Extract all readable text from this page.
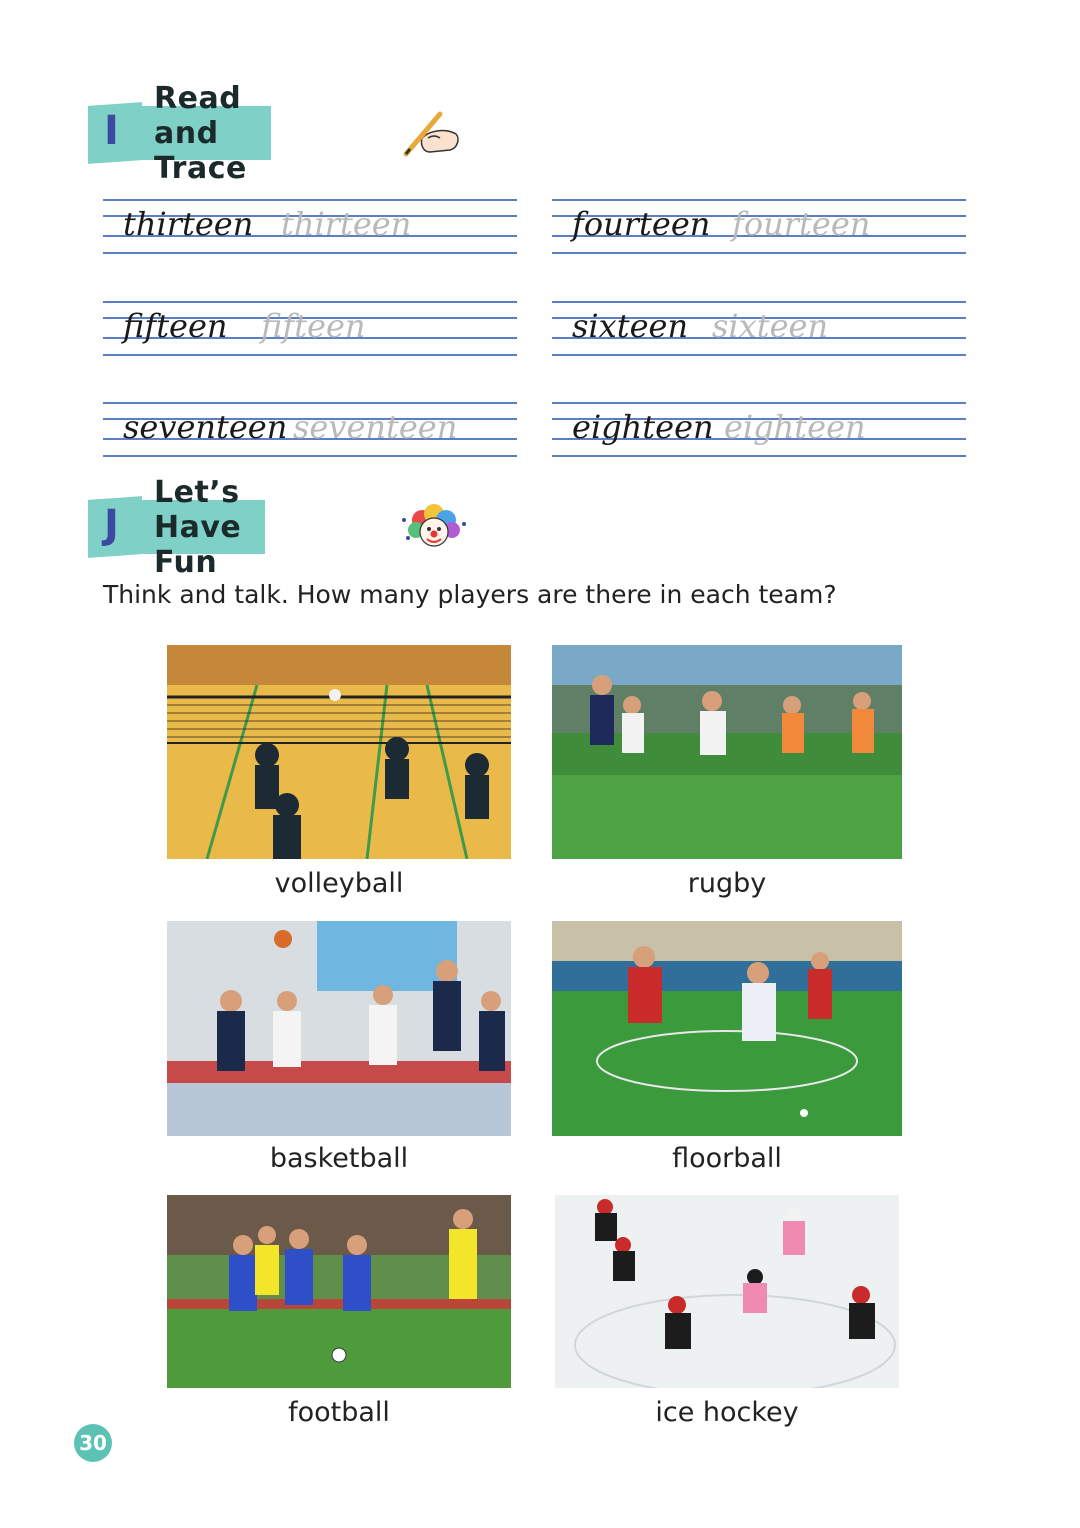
I
Read and Trace
thirteen thirteen	fourteen fourteen
fifteen fifteen	sixteen sixteen
seventeen seventeen	eighteen eighteen
J
Let’s Have Fun
Think and talk. How many players are there in each team?
volleyball	rugby
basketball	floorball
football	ice hockey
30
